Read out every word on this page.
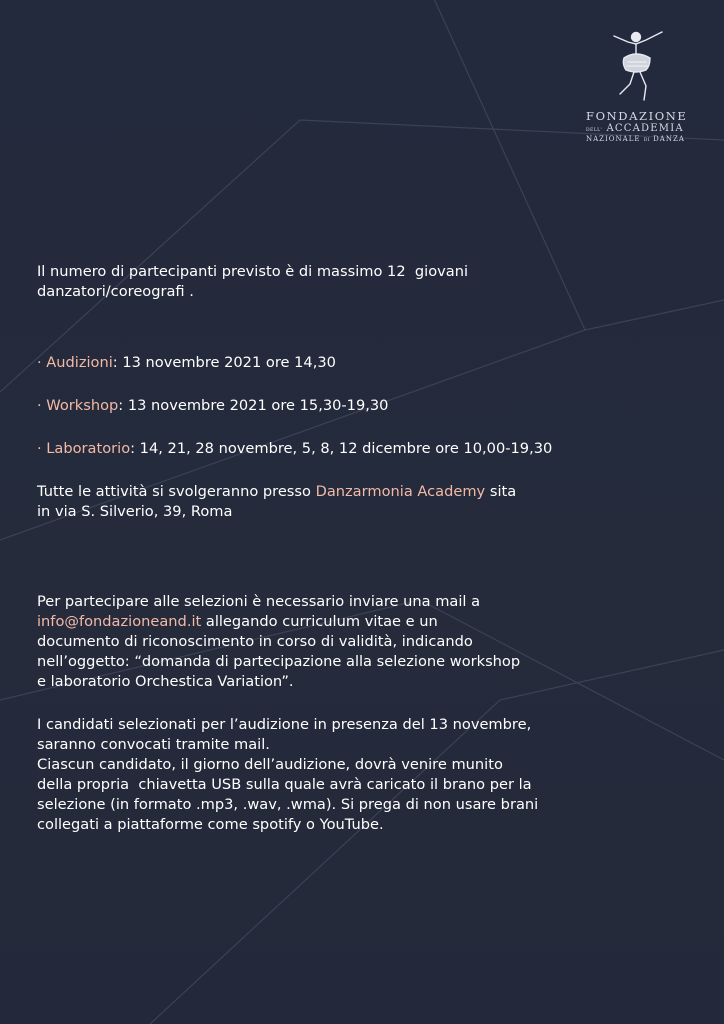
FONDAZIONE
DELL' ACCADEMIA
NAZIONALE DI DANZA

Il numero di partecipanti previsto è di massimo 12  giovani
danzatori/coreografi .

· Audizioni: 13 novembre 2021 ore 14,30

· Workshop: 13 novembre 2021 ore 15,30-19,30

· Laboratorio: 14, 21, 28 novembre, 5, 8, 12 dicembre ore 10,00-19,30

Tutte le attività si svolgeranno presso Danzarmonia Academy sita
in via S. Silverio, 39, Roma

Per partecipare alle selezioni è necessario inviare una mail a
info@fondazioneand.it allegando curriculum vitae e un
documento di riconoscimento in corso di validità, indicando
nell’oggetto: “domanda di partecipazione alla selezione workshop
e laboratorio Orchestica Variation”.

I candidati selezionati per l’audizione in presenza del 13 novembre,
saranno convocati tramite mail.
Ciascun candidato, il giorno dell’audizione, dovrà venire munito
della propria  chiavetta USB sulla quale avrà caricato il brano per la
selezione (in formato .mp3, .wav, .wma). Si prega di non usare brani
collegati a piattaforme come spotify o YouTube.
